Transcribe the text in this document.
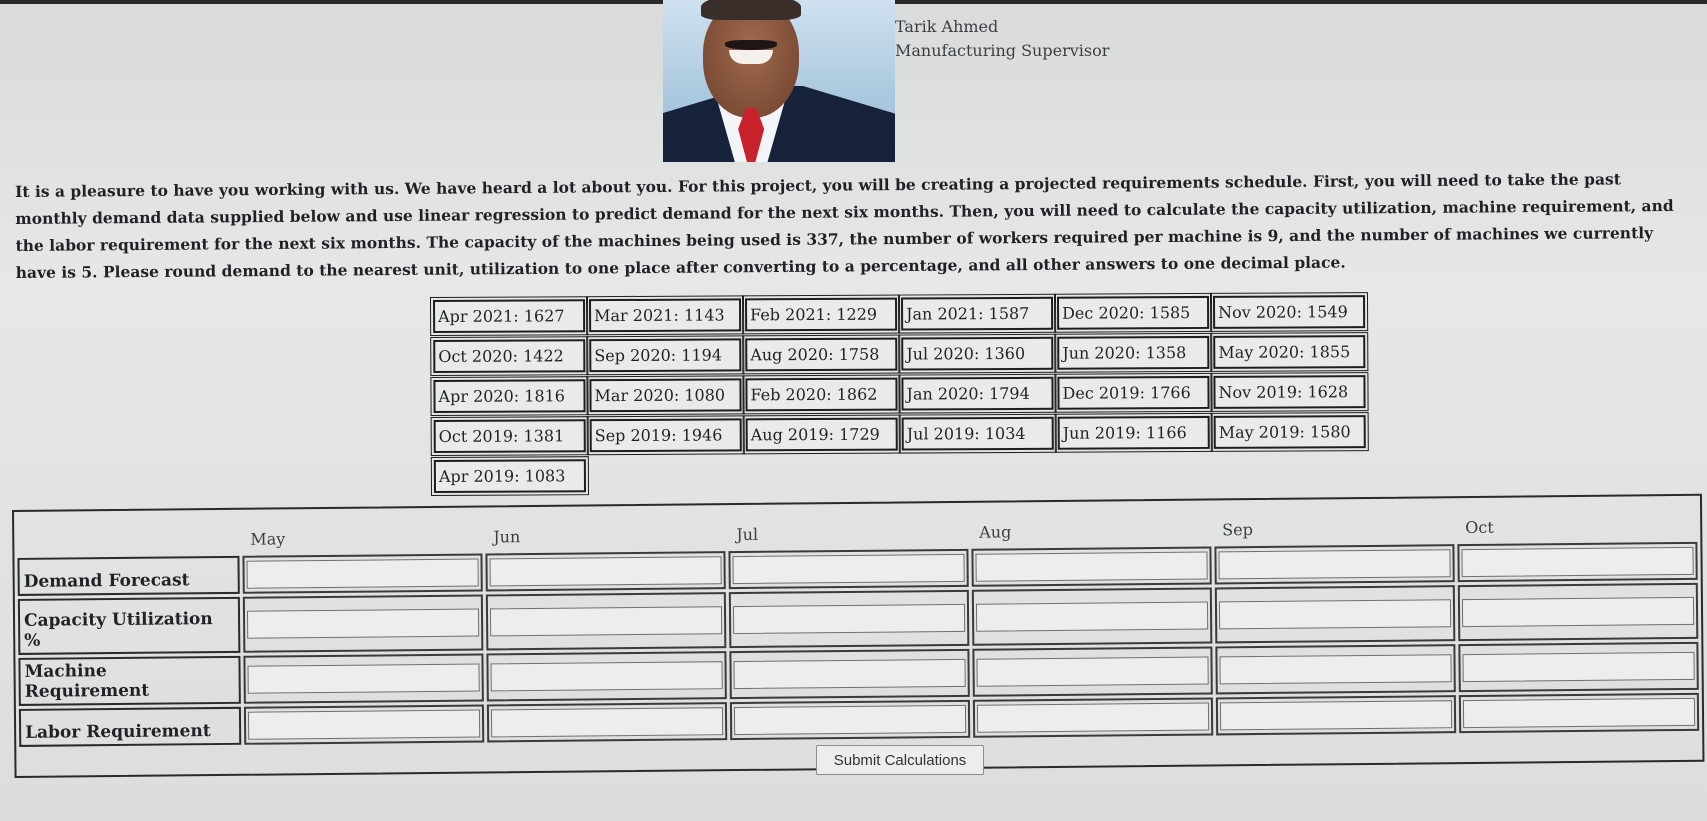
Tarik Ahmed
Manufacturing Supervisor
It is a pleasure to have you working with us. We have heard a lot about you. For this project, you will be creating a projected requirements schedule. First, you will need to take the past monthly demand data supplied below and use linear regression to predict demand for the next six months. Then, you will need to calculate the capacity utilization, machine requirement, and the labor requirement for the next six months. The capacity of the machines being used is 337, the number of workers required per machine is 9, and the number of machines we currently have is 5. Please round demand to the nearest unit, utilization to one place after converting to a percentage, and all other answers to one decimal place.
Apr 2021: 1627	Mar 2021: 1143	Feb 2021: 1229	Jan 2021: 1587	Dec 2020: 1585	Nov 2020: 1549
Oct 2020: 1422	Sep 2020: 1194	Aug 2020: 1758	Jul 2020: 1360	Jun 2020: 1358	May 2020: 1855
Apr 2020: 1816	Mar 2020: 1080	Feb 2020: 1862	Jan 2020: 1794	Dec 2019: 1766	Nov 2019: 1628
Oct 2019: 1381	Sep 2019: 1946	Aug 2019: 1729	Jul 2019: 1034	Jun 2019: 1166	May 2019: 1580
Apr 2019: 1083
	May	Jun	Jul	Aug	Sep	Oct
Demand Forecast						
Capacity Utilization %						
Machine Requirement						
Labor Requirement						
Submit Calculations
